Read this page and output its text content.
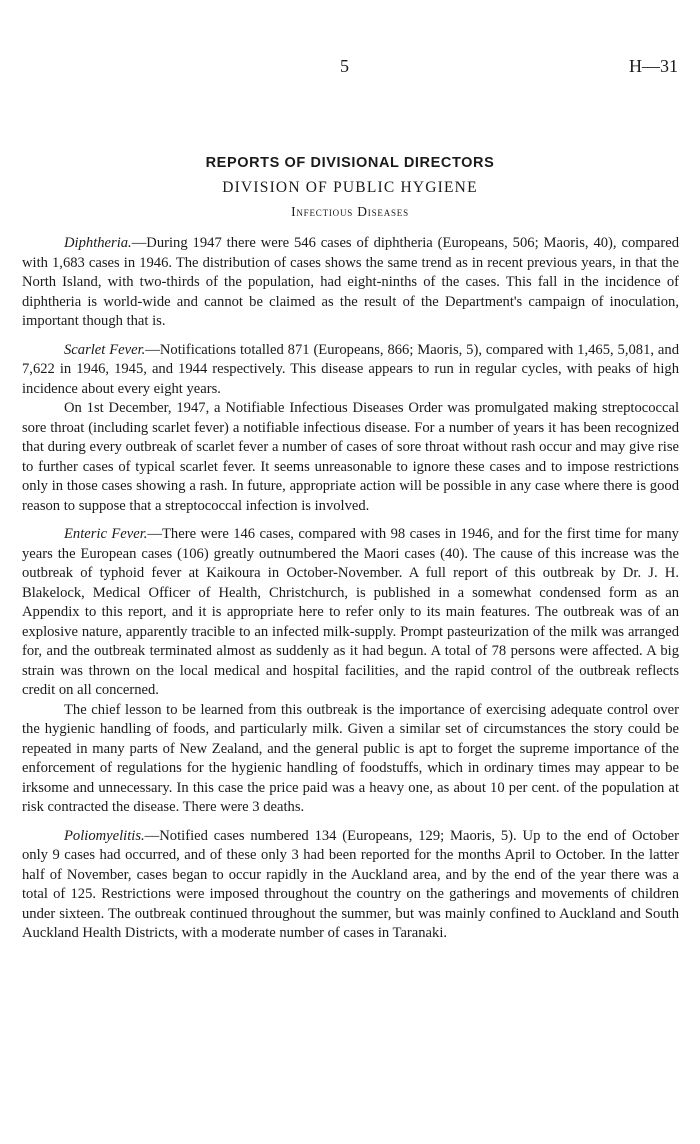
5	H—31
REPORTS OF DIVISIONAL DIRECTORS
DIVISION OF PUBLIC HYGIENE
Infectious Diseases

Diphtheria.—During 1947 there were 546 cases of diphtheria (Europeans, 506; Maoris, 40), compared with 1,683 cases in 1946. The distribution of cases shows the same trend as in recent previous years, in that the North Island, with two-thirds of the population, had eight-ninths of the cases. This fall in the incidence of diphtheria is world-wide and cannot be claimed as the result of the Department's campaign of inoculation, important though that is.

Scarlet Fever.—Notifications totalled 871 (Europeans, 866; Maoris, 5), compared with 1,465, 5,081, and 7,622 in 1946, 1945, and 1944 respectively. This disease appears to run in regular cycles, with peaks of high incidence about every eight years.

On 1st December, 1947, a Notifiable Infectious Diseases Order was promulgated making streptococcal sore throat (including scarlet fever) a notifiable infectious disease. For a number of years it has been recognized that during every outbreak of scarlet fever a number of cases of sore throat without rash occur and may give rise to further cases of typical scarlet fever. It seems unreasonable to ignore these cases and to impose restrictions only in those cases showing a rash. In future, appropriate action will be possible in any case where there is good reason to suppose that a streptococcal infection is involved.

Enteric Fever.—There were 146 cases, compared with 98 cases in 1946, and for the first time for many years the European cases (106) greatly outnumbered the Maori cases (40). The cause of this increase was the outbreak of typhoid fever at Kaikoura in October-November. A full report of this outbreak by Dr. J. H. Blakelock, Medical Officer of Health, Christchurch, is published in a somewhat condensed form as an Appendix to this report, and it is appropriate here to refer only to its main features. The outbreak was of an explosive nature, apparently tracible to an infected milk-supply. Prompt pasteurization of the milk was arranged for, and the outbreak terminated almost as suddenly as it had begun. A total of 78 persons were affected. A big strain was thrown on the local medical and hospital facilities, and the rapid control of the outbreak reflects credit on all concerned.

The chief lesson to be learned from this outbreak is the importance of exercising adequate control over the hygienic handling of foods, and particularly milk. Given a similar set of circumstances the story could be repeated in many parts of New Zealand, and the general public is apt to forget the supreme importance of the enforcement of regulations for the hygienic handling of foodstuffs, which in ordinary times may appear to be irksome and unnecessary. In this case the price paid was a heavy one, as about 10 per cent. of the population at risk contracted the disease. There were 3 deaths.

Poliomyelitis.—Notified cases numbered 134 (Europeans, 129; Maoris, 5). Up to the end of October only 9 cases had occurred, and of these only 3 had been reported for the months April to October. In the latter half of November, cases began to occur rapidly in the Auckland area, and by the end of the year there was a total of 125. Restrictions were imposed throughout the country on the gatherings and movements of children under sixteen. The outbreak continued throughout the summer, but was mainly confined to Auckland and South Auckland Health Districts, with a moderate number of cases in Taranaki.
